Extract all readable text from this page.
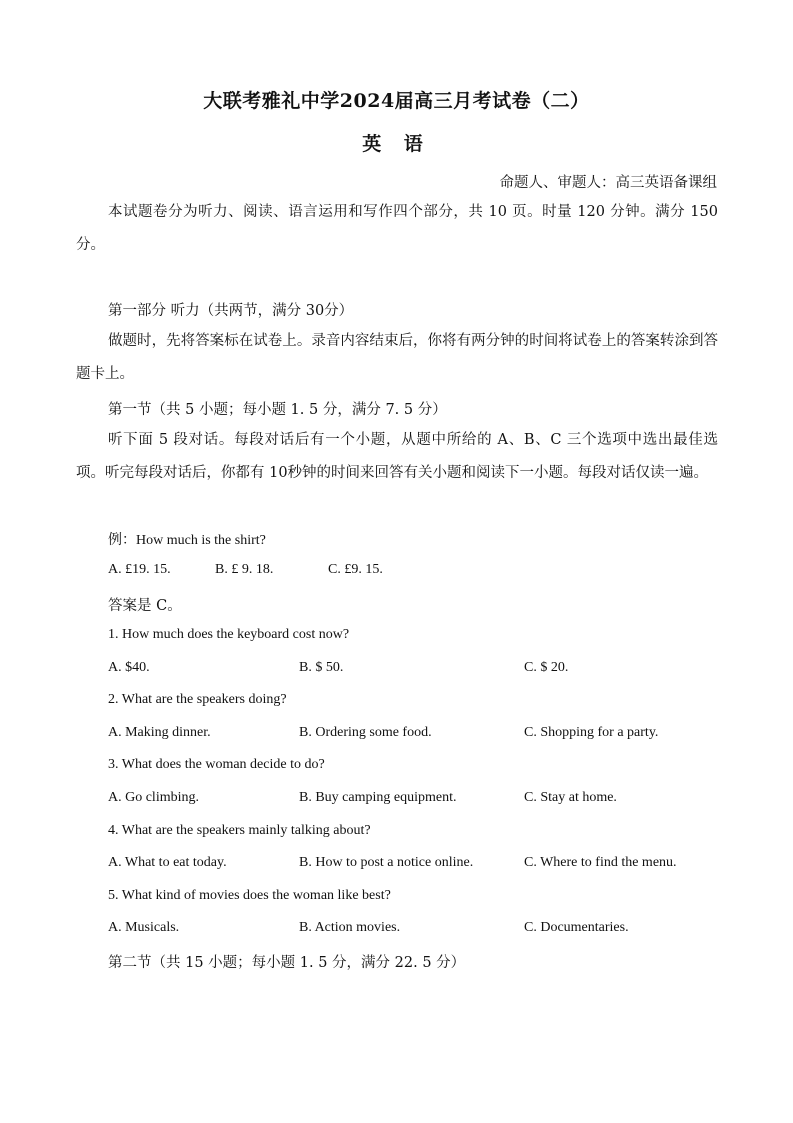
大联考雅礼中学2024届高三月考试卷（二）
英 语
命题人、审题人：高三英语备课组
本试题卷分为听力、阅读、语言运用和写作四个部分，共 10 页。时量 120 分钟。满分 150分。
第一部分 听力（共两节，满分 30分）
做题时，先将答案标在试卷上。录音内容结束后，你将有两分钟的时间将试卷上的答案转涂到答题卡上。
第一节（共 5 小题；每小题 1. 5 分，满分 7. 5 分）
听下面 5 段对话。每段对话后有一个小题，从题中所给的 A、B、C 三个选项中选出最佳选项。听完每段对话后，你都有 10秒钟的时间来回答有关小题和阅读下一小题。每段对话仅读一遍。
例：How much is the shirt?
A. £19. 15.	B. £ 9. 18.	C. £9. 15.
答案是 C。
1. How much does the keyboard cost now?
A. $40.	B. $ 50.	C. $ 20.
2. What are the speakers doing?
A. Making dinner.	B. Ordering some food.	C. Shopping for a party.
3. What does the woman decide to do?
A. Go climbing.	B. Buy camping equipment.	C. Stay at home.
4. What are the speakers mainly talking about?
A. What to eat today.	B. How to post a notice online.	C. Where to find the menu.
5. What kind of movies does the woman like best?
A. Musicals.	B. Action movies.	C. Documentaries.
第二节（共 15 小题；每小题 1. 5 分，满分 22. 5 分）
